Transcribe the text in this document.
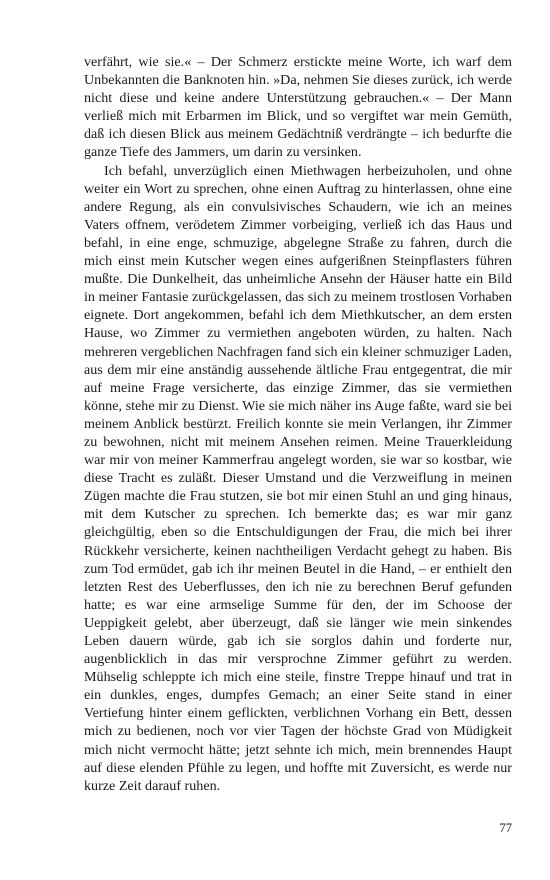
verfährt, wie sie.« – Der Schmerz erstickte meine Worte, ich warf dem Unbekannten die Banknoten hin. »Da, nehmen Sie dieses zurück, ich werde nicht diese und keine andere Unterstützung gebrauchen.« – Der Mann verließ mich mit Erbarmen im Blick, und so vergiftet war mein Gemüth, daß ich diesen Blick aus meinem Gedächtniß verdrängte – ich bedurfte die ganze Tiefe des Jammers, um darin zu versinken.

Ich befahl, unverzüglich einen Miethwagen herbeizuholen, und ohne weiter ein Wort zu sprechen, ohne einen Auftrag zu hinterlassen, ohne eine andere Regung, als ein convulsivisches Schaudern, wie ich an meines Vaters offnem, verödetem Zimmer vorbeiging, verließ ich das Haus und befahl, in eine enge, schmuzige, abgelegne Straße zu fahren, durch die mich einst mein Kutscher wegen eines aufgerißnen Steinpflasters führen mußte. Die Dunkelheit, das unheimliche Ansehn der Häuser hatte ein Bild in meiner Fantasie zurückgelassen, das sich zu meinem trostlosen Vorhaben eignete. Dort angekommen, befahl ich dem Miethkutscher, an dem ersten Hause, wo Zimmer zu vermiethen angeboten würden, zu halten. Nach mehreren vergeblichen Nachfragen fand sich ein kleiner schmuziger Laden, aus dem mir eine anständig aussehende ältliche Frau entgegentrat, die mir auf meine Frage versicherte, das einzige Zimmer, das sie vermiethen könne, stehe mir zu Dienst. Wie sie mich näher ins Auge faßte, ward sie bei meinem Anblick bestürzt. Freilich konnte sie mein Verlangen, ihr Zimmer zu bewohnen, nicht mit meinem Ansehen reimen. Meine Trauerkleidung war mir von meiner Kammerfrau angelegt worden, sie war so kostbar, wie diese Tracht es zuläßt. Dieser Umstand und die Verzweiflung in meinen Zügen machte die Frau stutzen, sie bot mir einen Stuhl an und ging hinaus, mit dem Kutscher zu sprechen. Ich bemerkte das; es war mir ganz gleichgültig, eben so die Entschuldigungen der Frau, die mich bei ihrer Rückkehr versicherte, keinen nachtheiligen Verdacht gehegt zu haben. Bis zum Tod ermüdet, gab ich ihr meinen Beutel in die Hand, – er enthielt den letzten Rest des Ueberflusses, den ich nie zu berechnen Beruf gefunden hatte; es war eine armselige Summe für den, der im Schoose der Ueppigkeit gelebt, aber überzeugt, daß sie länger wie mein sinkendes Leben dauern würde, gab ich sie sorglos dahin und forderte nur, augenblicklich in das mir versprochne Zimmer geführt zu werden. Mühselig schleppte ich mich eine steile, finstre Treppe hinauf und trat in ein dunkles, enges, dumpfes Gemach; an einer Seite stand in einer Vertiefung hinter einem geflickten, verblichnen Vorhang ein Bett, dessen mich zu bedienen, noch vor vier Tagen der höchste Grad von Müdigkeit mich nicht vermocht hätte; jetzt sehnte ich mich, mein brennendes Haupt auf diese elenden Pfühle zu legen, und hoffte mit Zuversicht, es werde nur kurze Zeit darauf ruhen.

77
